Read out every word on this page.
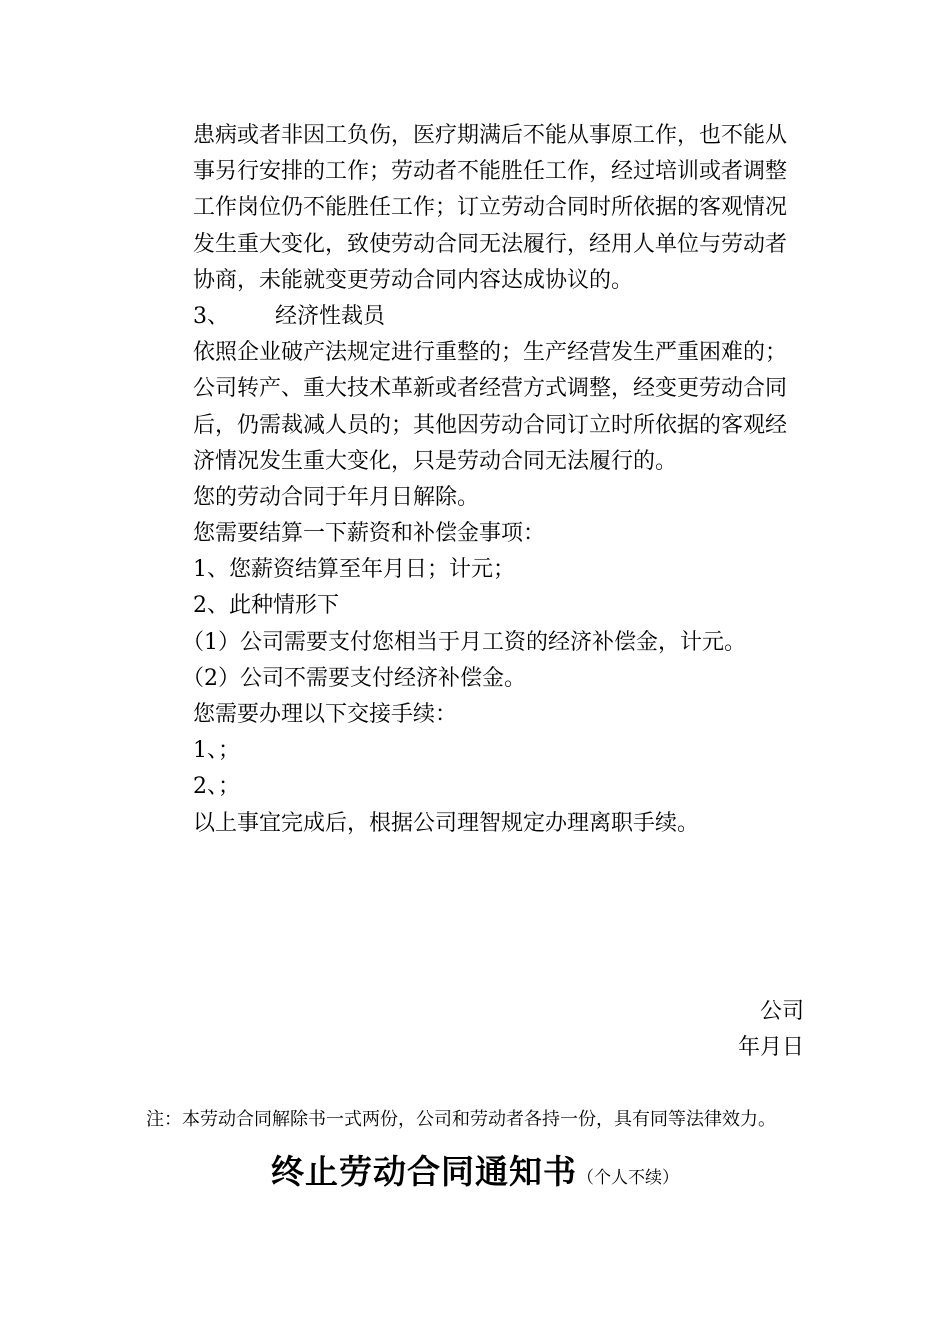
患病或者非因工负伤，医疗期满后不能从事原工作，也不能从
事另行安排的工作；劳动者不能胜任工作，经过培训或者调整
工作岗位仍不能胜任工作；订立劳动合同时所依据的客观情况
发生重大变化，致使劳动合同无法履行，经用人单位与劳动者
协商，未能就变更劳动合同内容达成协议的。
3、 经济性裁员
依照企业破产法规定进行重整的；生产经营发生严重困难的；
公司转产、重大技术革新或者经营方式调整，经变更劳动合同
后，仍需裁减人员的；其他因劳动合同订立时所依据的客观经
济情况发生重大变化，只是劳动合同无法履行的。
您的劳动合同于年月日解除。
您需要结算一下薪资和补偿金事项：
1、您薪资结算至年月日；计元；
2、此种情形下
（1）公司需要支付您相当于月工资的经济补偿金，计元。
（2）公司不需要支付经济补偿金。
您需要办理以下交接手续：
1、；
2、；
以上事宜完成后，根据公司理智规定办理离职手续。
公司
年月日
注：本劳动合同解除书一式两份，公司和劳动者各持一份，具有同等法律效力。
终止劳动合同通知书（个人不续）
